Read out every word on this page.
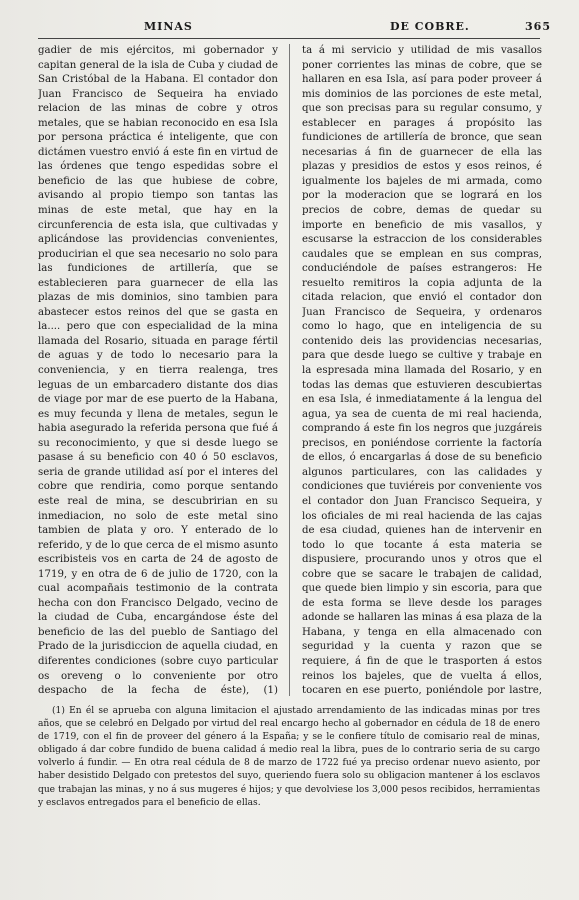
MINAS	DE COBRE.	365

gadier de mis ejércitos, mi gobernador y capitan general de la isla de Cuba y ciudad de San Cristóbal de la Habana. El contador don Juan Francisco de Sequeira ha enviado relacion de las minas de cobre y otros metales, que se habian reconocido en esa Isla por persona práctica é inteligente, que con dictámen vuestro envió á este fin en virtud de las órdenes que tengo espedidas sobre el beneficio de las que hubiese de cobre, avisando al propio tiempo son tantas las minas de este metal, que hay en la circunferencia de esta isla, que cultivadas y aplicándose las providencias convenientes, producirian el que sea necesario no solo para las fundiciones de artillería, que se establecieren para guarnecer de ella las plazas de mis dominios, sino tambien para abastecer estos reinos del que se gasta en la.... pero que con especialidad de la mina llamada del Rosario, situada en parage fértil de aguas y de todo lo necesario para la conveniencia, y en tierra realenga, tres leguas de un embarcadero distante dos dias de viage por mar de ese puerto de la Habana, es muy fecunda y llena de metales, segun le habia asegurado la referida persona que fué á su reconocimiento, y que si desde luego se pasase á su beneficio con 40 ó 50 esclavos, seria de grande utilidad así por el interes del cobre que rendiria, como porque sentando este real de mina, se descubririan en su inmediacion, no solo de este metal sino tambien de plata y oro. Y enterado de lo referido, y de lo que cerca de el mismo asunto escribisteis vos en carta de 24 de agosto de 1719, y en otra de 6 de julio de 1720, con la cual acompañais testimonio de la contrata hecha con don Francisco Delgado, vecino de la ciudad de Cuba, encargándose éste del beneficio de las del pueblo de Santiago del Prado de la jurisdiccion de aquella ciudad, en diferentes condiciones (sobre cuyo particular os oreveng o lo conveniente por otro despacho de la fecha de éste), (1)

ta á mi servicio y utilidad de mis vasallos poner corrientes las minas de cobre, que se hallaren en esa Isla, así para poder proveer á mis dominios de las porciones de este metal, que son precisas para su regular consumo, y establecer en parages á propósito las fundiciones de artillería de bronce, que sean necesarias á fin de guarnecer de ella las plazas y presidios de estos y esos reinos, é igualmente los bajeles de mi armada, como por la moderacion que se logrará en los precios de cobre, demas de quedar su importe en beneficio de mis vasallos, y escusarse la estraccion de los considerables caudales que se emplean en sus compras, conduciéndole de países estrangeros: He resuelto remitiros la copia adjunta de la citada relacion, que envió el contador don Juan Francisco de Sequeira, y ordenaros como lo hago, que en inteligencia de su contenido deis las providencias necesarias, para que desde luego se cultive y trabaje en la espresada mina llamada del Rosario, y en todas las demas que estuvieren descubiertas en esa Isla, é inmediatamente á la lengua del agua, ya sea de cuenta de mi real hacienda, comprando á este fin los negros que juzgáreis precisos, en poniéndose corriente la factoría de ellos, ó encargarlas á dose de su beneficio algunos particulares, con las calidades y condiciones que tuviéreis por conveniente vos el contador don Juan Francisco Sequeira, y los oficiales de mi real hacienda de las cajas de esa ciudad, quienes han de intervenir en todo lo que tocante á esta materia se dispusiere, procurando unos y otros que el cobre que se sacare le trabajen de calidad, que quede bien limpio y sin escoria, para que de esta forma se lleve desde los parages adonde se hallaren las minas á esa plaza de la Habana, y tenga en ella almacenado con seguridad y la cuenta y razon que se requiere, á fin de que le trasporten á estos reinos los bajeles, que de vuelta á ellos, tocaren en ese puerto, poniéndole por lastre,

(1) En él se aprueba con alguna limitacion el ajustado arrendamiento de las indicadas minas por tres años, que se celebró en Delgado por virtud del real encargo hecho al gobernador en cédula de 18 de enero de 1719, con el fin de proveer del género á la España; y se le confiere título de comisario real de minas, obligado á dar cobre fundido de buena calidad á medio real la libra, pues de lo contrario seria de su cargo volverlo á fundir. — En otra real cédula de 8 de marzo de 1722 fué ya preciso ordenar nuevo asiento, por haber desistido Delgado con pretestos del suyo, queriendo fuera solo su obligacion mantener á los esclavos que trabajan las minas, y no á sus mugeres é hijos; y que devolviese los 3,000 pesos recibidos, herramientas y esclavos entregados para el beneficio de ellas.
